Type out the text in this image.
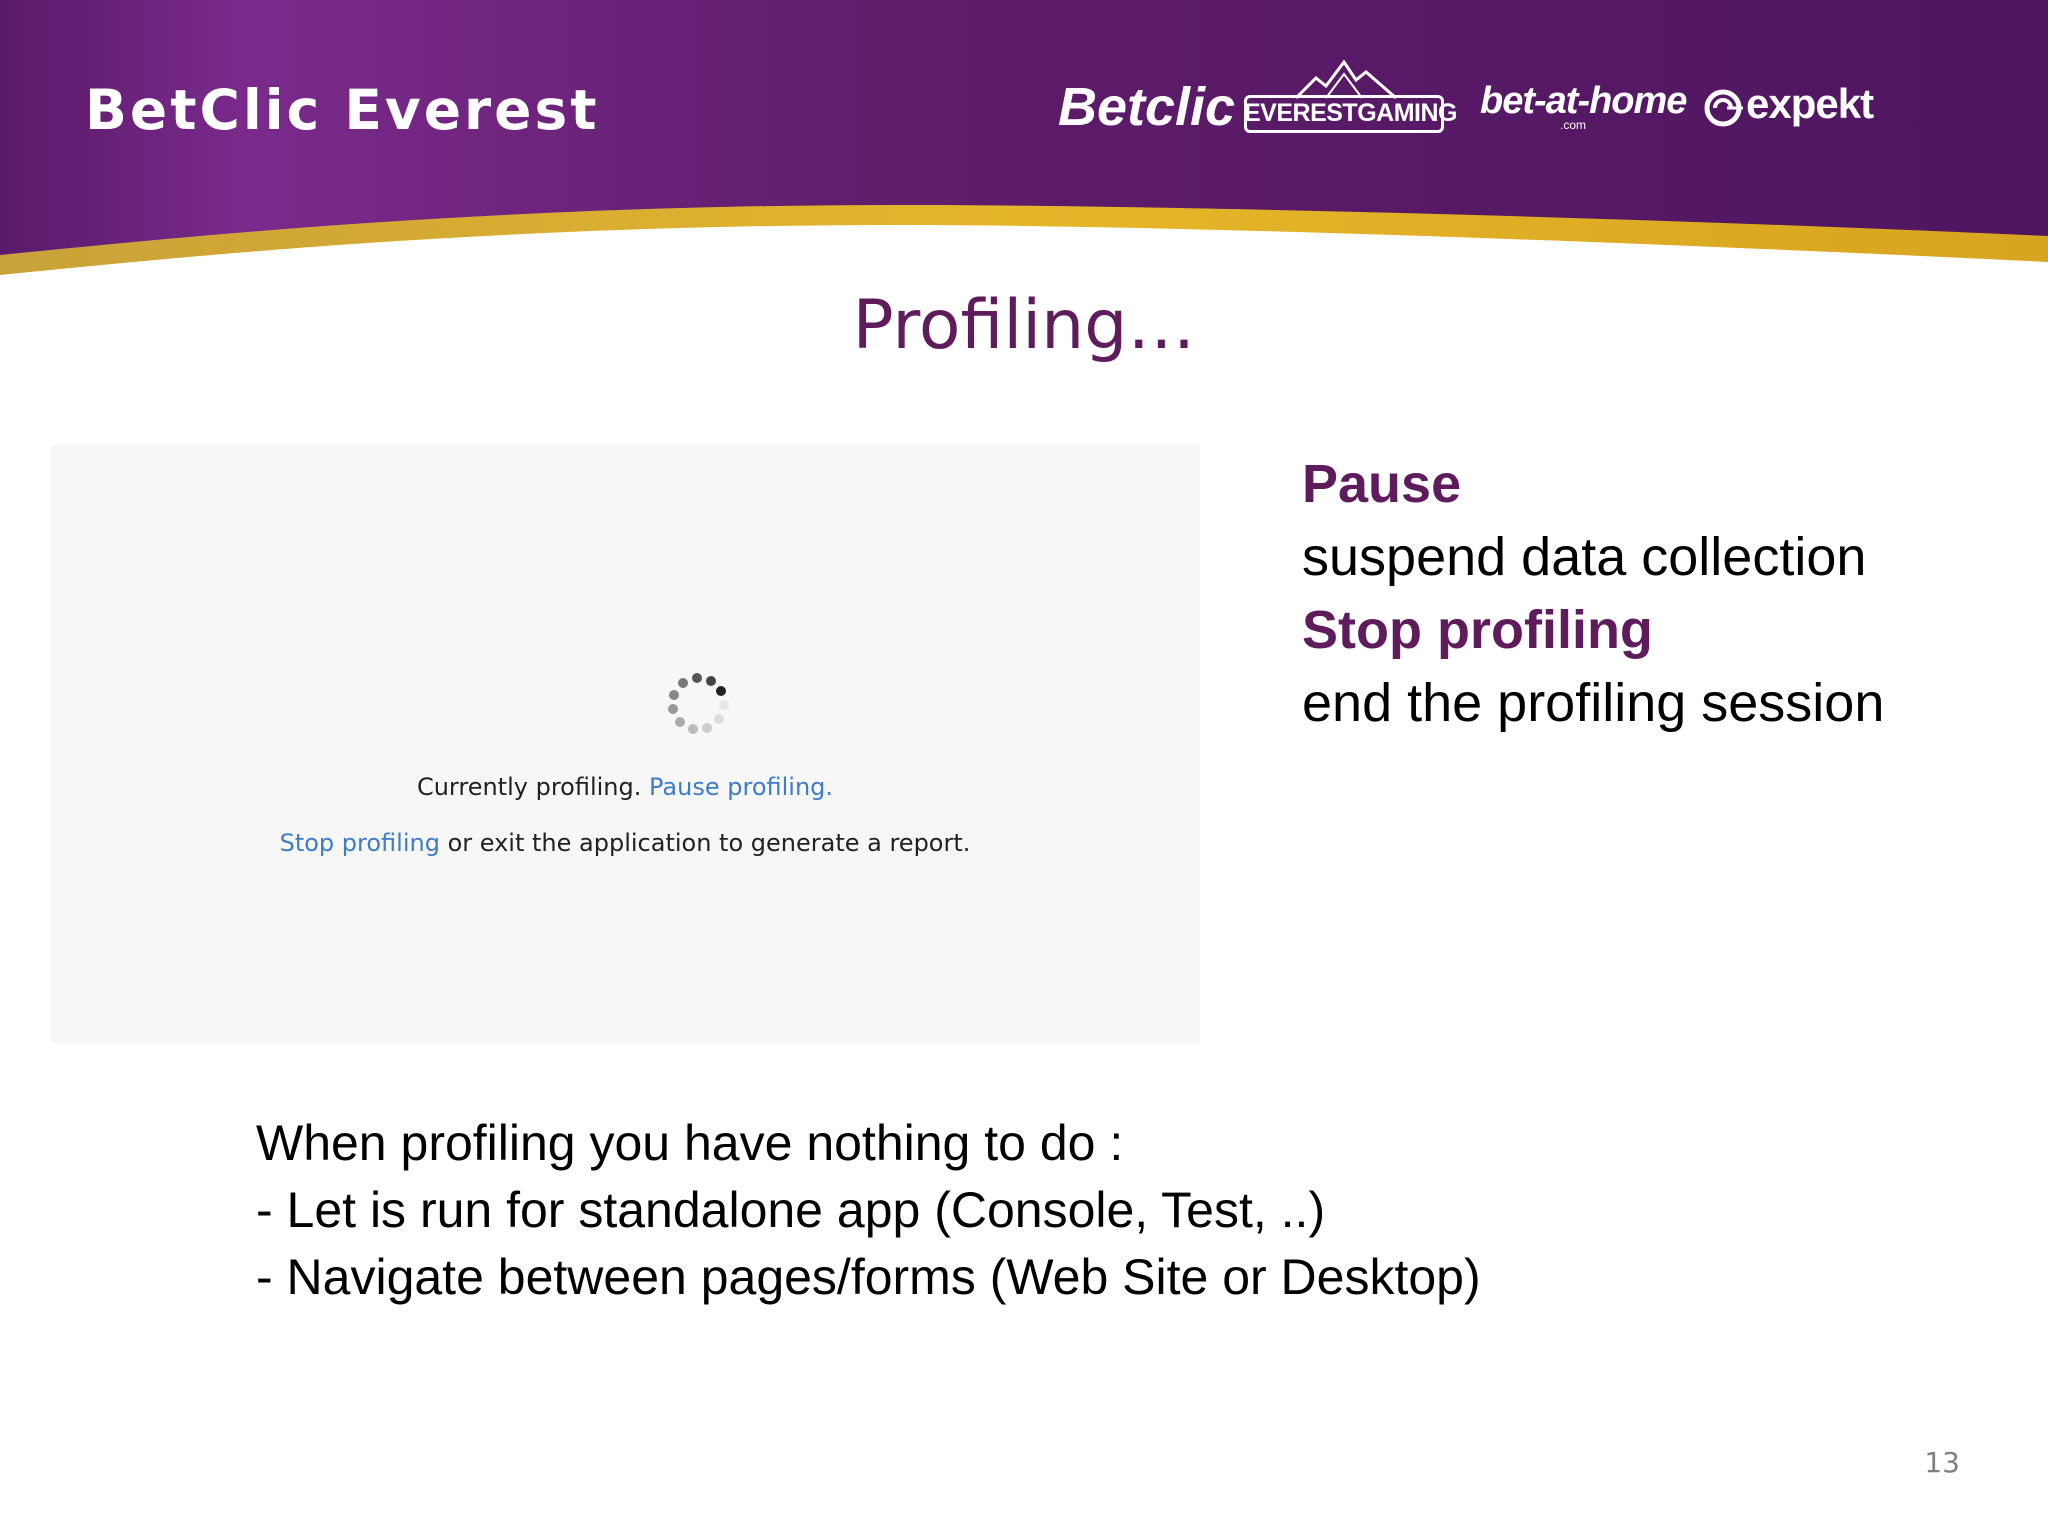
BetClic Everest	Betclic EVERESTGAMING bet-at-home
.com	expekt
Profiling…
Currently profiling. Pause profiling.
Stop profiling or exit the application to generate a report.
Pause
suspend data collection
Stop profiling
end the profiling session
When profiling you have nothing to do :
- Let is run for standalone app (Console, Test, ..)
- Navigate between pages/forms (Web Site or Desktop)
13
